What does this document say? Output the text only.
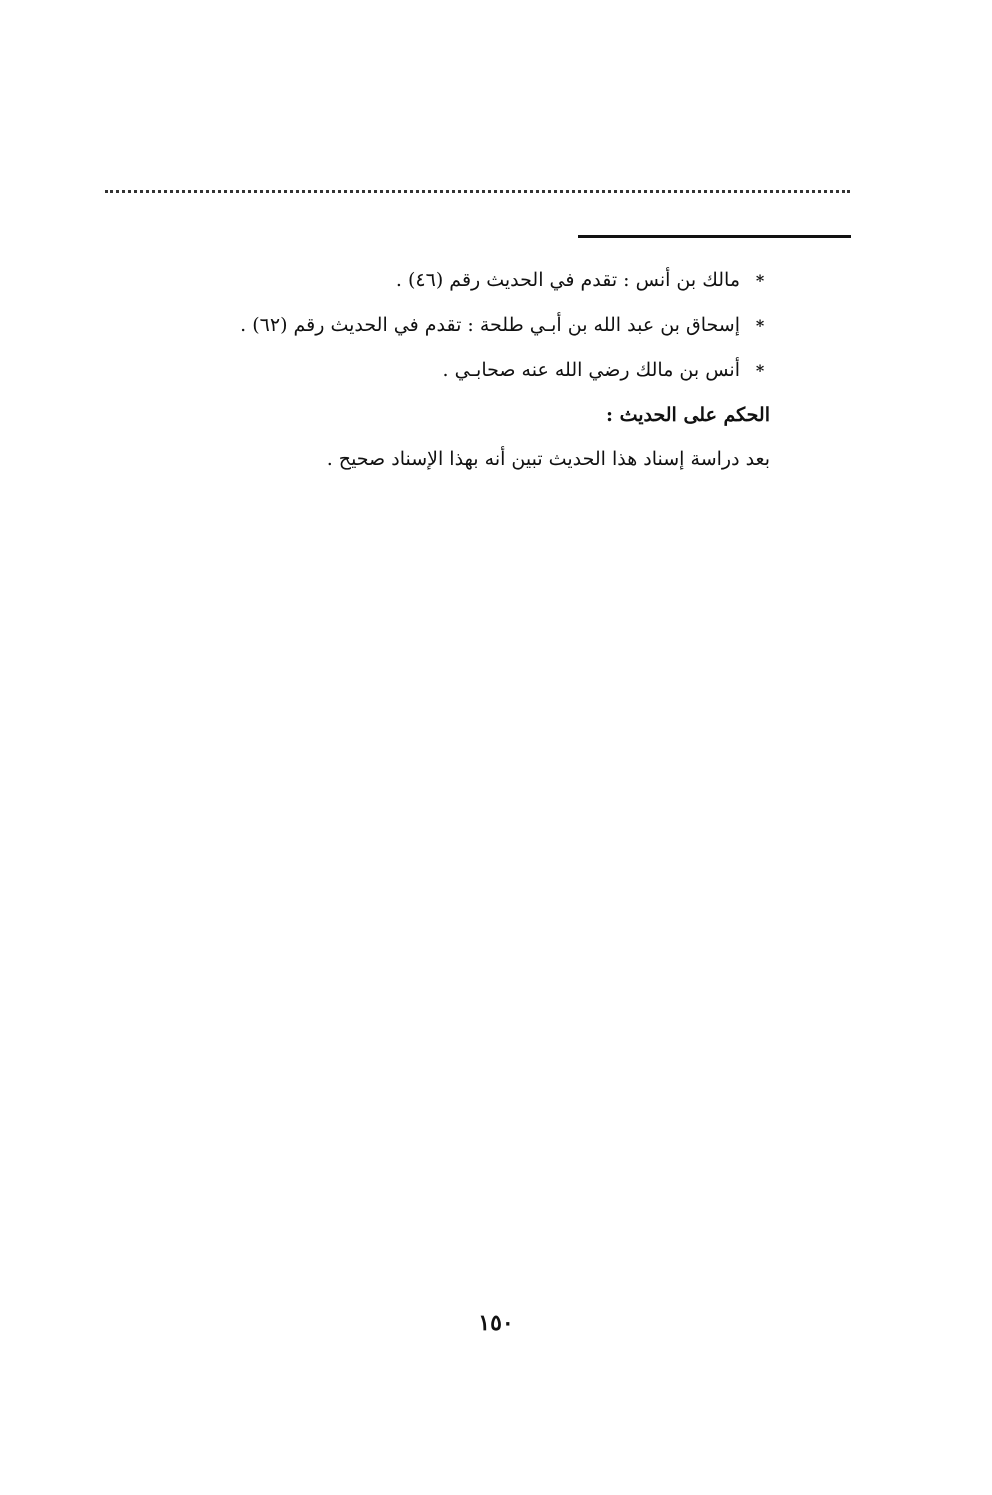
*مالك بن أنس : تقدم في الحديث رقم (٤٦) .

*إسحاق بن عبد الله بن أبـي طلحة : تقدم في الحديث رقم (٦٢) .

*أنس بن مالك رضي الله عنه صحابـي .

الحكم على الحديث :

بعد دراسة إسناد هذا الحديث تبين أنه بهذا الإسناد صحيح .

١٥٠
